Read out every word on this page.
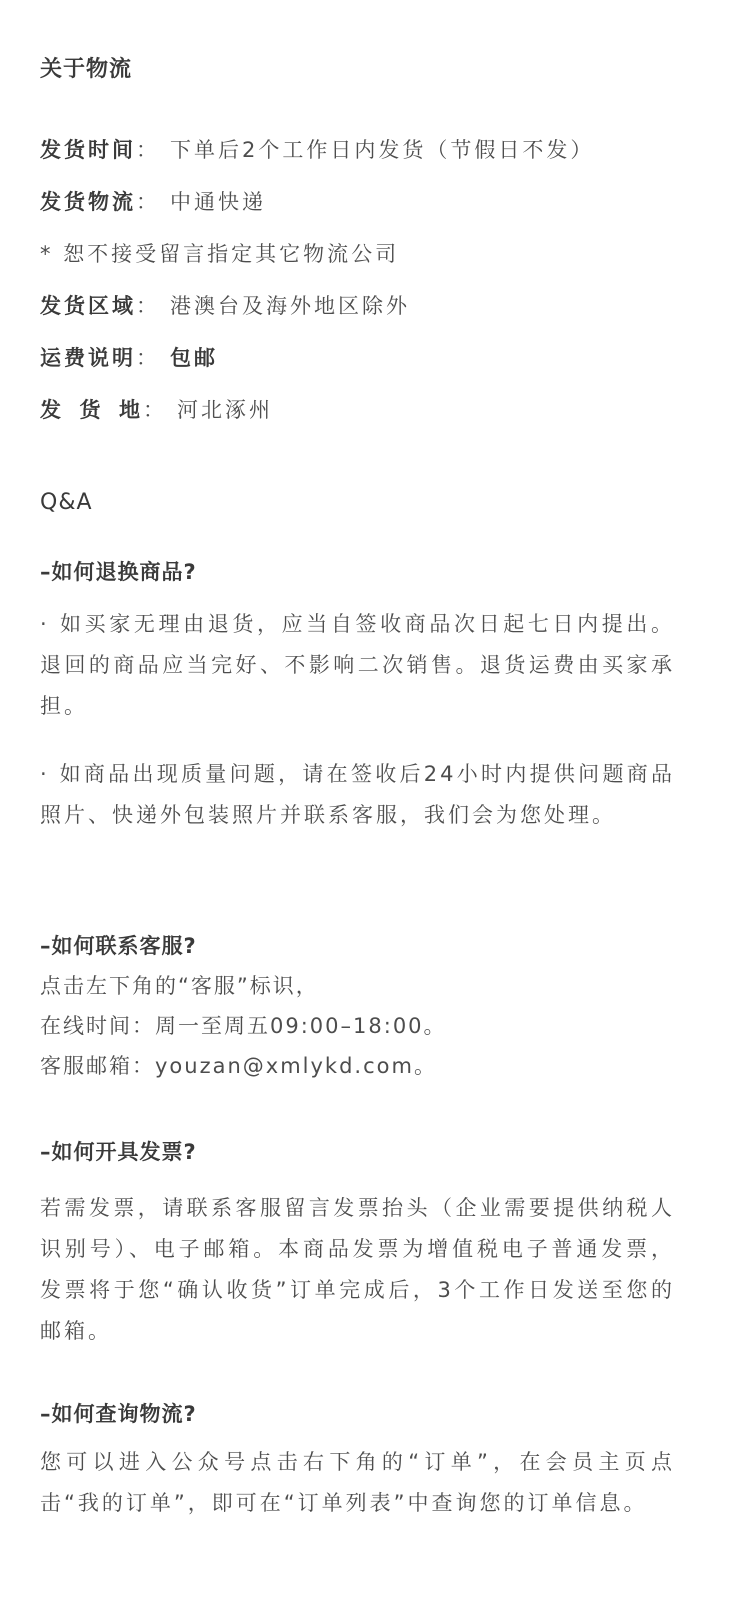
关于物流
发货时间： 下单后2个工作日内发货（节假日不发）
发货物流： 中通快递
* 恕不接受留言指定其它物流公司
发货区域： 港澳台及海外地区除外
运费说明： 包邮
发货地： 河北涿州
Q&A
–如何退换商品?

· 如买家无理由退货，应当自签收商品次日起七日内提出。退回的商品应当完好、不影响二次销售。退货运费由买家承担。

· 如商品出现质量问题，请在签收后24小时内提供问题商品照片、快递外包装照片并联系客服，我们会为您处理。

–如何联系客服?
点击左下角的“客服”标识，
在线时间：周一至周五09:00–18:00。
客服邮箱：youzan@xmlykd.com。
–如何开具发票?

若需发票，请联系客服留言发票抬头（企业需要提供纳税人识别号）、电子邮箱。本商品发票为增值税电子普通发票，发票将于您“确认收货”订单完成后，3个工作日发送至您的邮箱。

–如何查询物流?

您可以进入公众号点击右下角的“订单”，在会员主页点击“我的订单”，即可在“订单列表”中查询您的订单信息。
